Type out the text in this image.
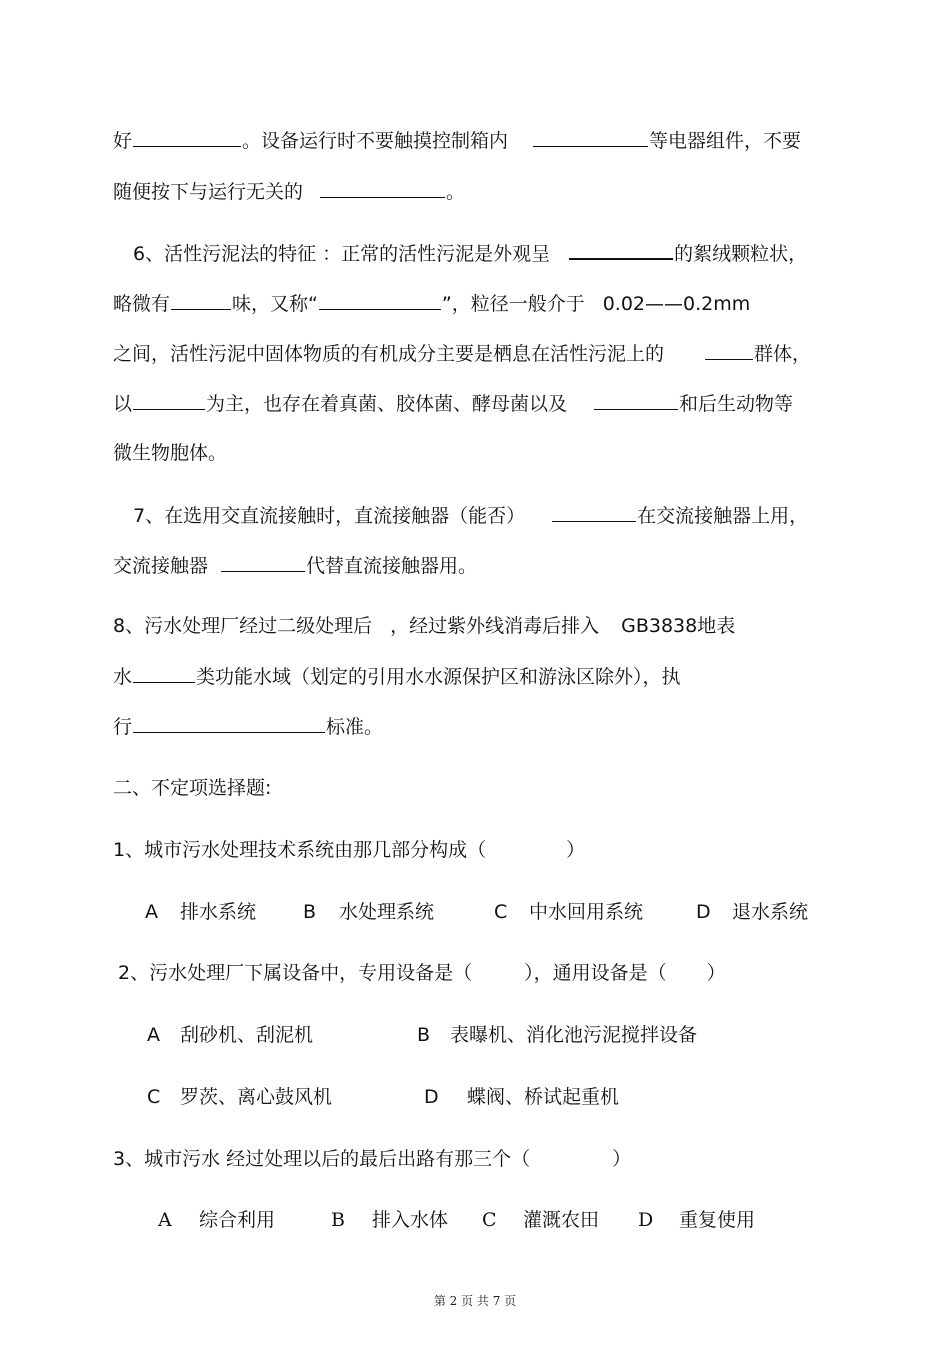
好	。设备运行时不要触摸控制箱内	等电器组件，不要
随便按下与运行无关的	。
6、活性污泥法的特征 ：正常的活性污泥是外观呈	的絮绒颗粒状，
略微有	味，又称“	”，粒径一般介于 0.02——0.2mm
之间，活性污泥中固体物质的有机成分主要是栖息在活性污泥上的	群体，
以	为主，也存在着真菌、胶体菌、酵母菌以及	和后生动物等
微生物胞体。
7、在选用交直流接触时，直流接触器（能否）	在交流接触器上用，
交流接触器	代替直流接触器用。
8、污水处理厂经过二级处理后 ，经过紫外线消毒后排入 GB3838地表
水	类功能水域（划定的引用水水源保护区和游泳区除外），执
行	标准。
二、不定项选择题:
1、城市污水处理技术系统由那几部分构成（	）
A 排水系统 B 水处理系统	C 中水回用系统	D 退水系统
2、污水处理厂下属设备中，专用设备是（	），通用设备是（ ）
A 刮砂机、刮泥机	B 表曝机、消化池污泥搅拌设备
C 罗茨、离心鼓风机	D 蝶阀、桥试起重机
3、城市污水 经过处理以后的最后出路有那三个（	）
A 综合利用	B 排入水体 C 灌溉农田 D 重复使用
第 2 页 共 7 页
